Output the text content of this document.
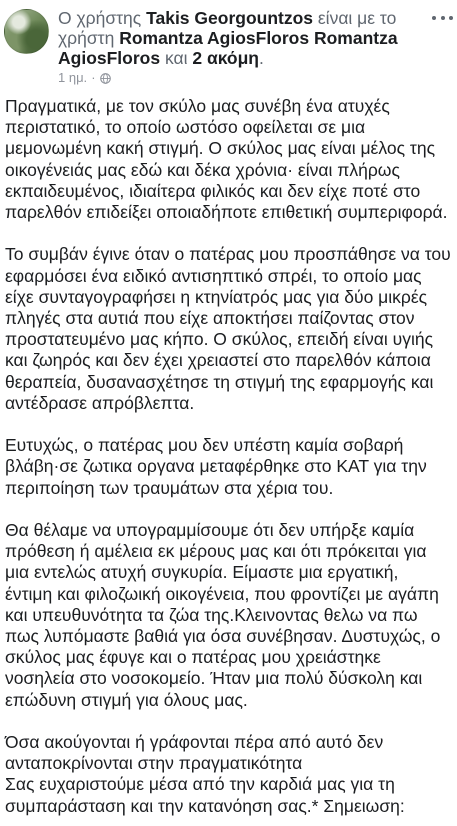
Ο χρήστης Takis Georgountzos είναι με το
χρήστη Romantza AgiosFloros Romantza
AgiosFloros και 2 ακόμη.
1 ημ. ·
Πραγματικά, με τον σκύλο μας συνέβη ένα ατυχές
περιστατικό, το οποίο ωστόσο οφείλεται σε μια
μεμονωμένη κακή στιγμή. Ο σκύλος μας είναι μέλος της
οικογένειάς μας εδώ και δέκα χρόνια· είναι πλήρως
εκπαιδευμένος, ιδιαίτερα φιλικός και δεν είχε ποτέ στο
παρελθόν επιδείξει οποιαδήποτε επιθετική συμπεριφορά.
Το συμβάν έγινε όταν ο πατέρας μου προσπάθησε να του
εφαρμόσει ένα ειδικό αντισηπτικό σπρέι, το οποίο μας
είχε συνταγογραφήσει η κτηνίατρός μας για δύο μικρές
πληγές στα αυτιά που είχε αποκτήσει παίζοντας στον
προστατευμένο μας κήπο. Ο σκύλος, επειδή είναι υγιής
και ζωηρός και δεν έχει χρειαστεί στο παρελθόν κάποια
θεραπεία, δυσανασχέτησε τη στιγμή της εφαρμογής και
αντέδρασε απρόβλεπτα.
Ευτυχώς, ο πατέρας μου δεν υπέστη καμία σοβαρή
βλάβη·σε ζωτικα οργανα μεταφέρθηκε στο ΚΑΤ για την
περιποίηση των τραυμάτων στα χέρια του.
Θα θέλαμε να υπογραμμίσουμε ότι δεν υπήρξε καμία
πρόθεση ή αμέλεια εκ μέρους μας και ότι πρόκειται για
μια εντελώς ατυχή συγκυρία. Είμαστε μια εργατική,
έντιμη και φιλοζωική οικογένεια, που φροντίζει με αγάπη
και υπευθυνότητα τα ζώα της.Κλεινοντας θελω να πω
πως λυπόμαστε βαθιά για όσα συνέβησαν. Δυστυχώς, ο
σκύλος μας έφυγε και ο πατέρας μου χρειάστηκε
νοσηλεία στο νοσοκομείο. Ήταν μια πολύ δύσκολη και
επώδυνη στιγμή για όλους μας.
Όσα ακούγονται ή γράφονται πέρα από αυτό δεν
ανταποκρίνονται στην πραγματικότητα
Σας ευχαριστούμε μέσα από την καρδιά μας για τη
συμπαράσταση και την κατανόηση σας.* Σημειωση:
